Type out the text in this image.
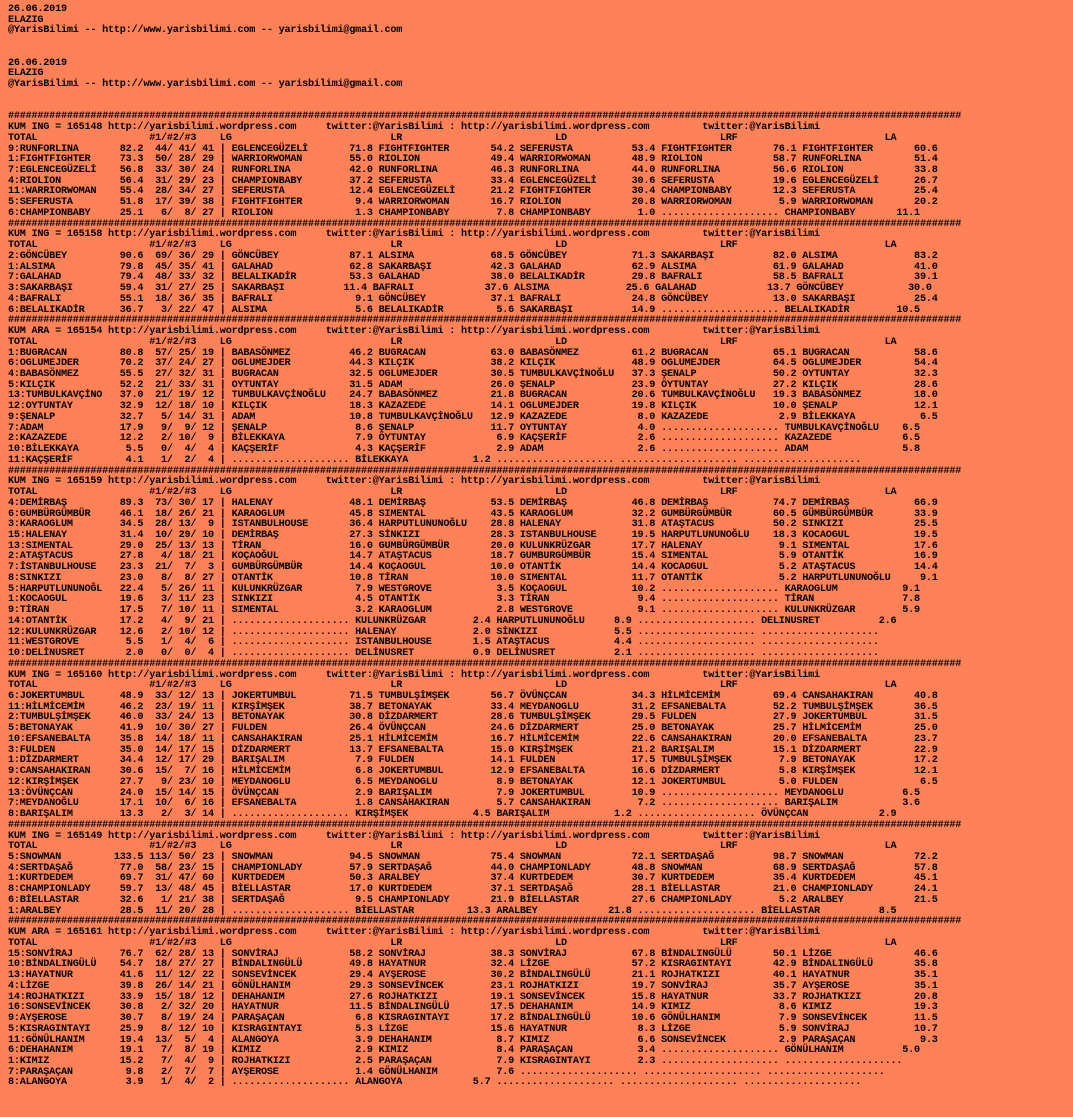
26.06.2019
ELAZIG
@YarisBilimi -- http://www.yarisbilimi.com -- yarisbilimi@gmail.com
26.06.2019
ELAZIG
@YarisBilimi -- http://www.yarisbilimi.com -- yarisbilimi@gmail.com
##################################################################################################################################################################
KUM ING = 165148 http://yarisbilimi.wordpress.com     twitter:@YarisBilimi : http://yarisbilimi.wordpress.com         twitter:@YarisBilimi
TOTAL                   #1/#2/#3    LG                           LR                          LD                          LRF                         LA
9:RUNFORLINA       82.2  44/ 41/ 41 | EGLENCEGÜZELİ       71.8 FIGHTFIGHTER       54.2 SEFERUSTA          53.4 FIGHTFIGHTER       76.1 FIGHTFIGHTER       60.6
1:FIGHTFIGHTER     73.3  50/ 28/ 29 | WARRIORWOMAN        55.0 RIOLION            49.4 WARRIORWOMAN       48.9 RIOLION            58.7 RUNFORLINA         51.4
7:EGLENCEGÜZELİ    56.8  33/ 30/ 24 | RUNFORLINA          42.0 RUNFORLINA         46.3 RUNFORLINA         44.0 RUNFORLINA         56.6 RIOLION            33.8
4:RIOLION          56.4  31/ 29/ 23 | CHAMPIONBABY        37.2 SEFERUSTA          33.4 EGLENCEGÜZELİ      30.6 SEFERUSTA          19.6 EGLENCEGÜZELİ      26.7
11:WARRIORWOMAN    55.4  28/ 34/ 27 | SEFERUSTA           12.4 EGLENCEGÜZELİ      21.2 FIGHTFIGHTER       30.4 CHAMPIONBABY       12.3 SEFERUSTA          25.4
5:SEFERUSTA        51.8  17/ 39/ 38 | FIGHTFIGHTER         9.4 WARRIORWOMAN       16.7 RIOLION            20.8 WARRIORWOMAN        5.9 WARRIORWOMAN       20.2
6:CHAMPIONBABY     25.1   6/  8/ 27 | RIOLION              1.3 CHAMPIONBABY        7.8 CHAMPIONBABY        1.0 .................... CHAMPIONBABY       11.1
##################################################################################################################################################################
KUM ING = 165158 http://yarisbilimi.wordpress.com     twitter:@YarisBilimi : http://yarisbilimi.wordpress.com         twitter:@YarisBilimi
TOTAL                   #1/#2/#3    LG                           LR                          LD                          LRF                         LA
2:GÖNCÜBEY         90.6  69/ 36/ 29 | GÖNCÜBEY            87.1 ALSIMA             68.5 GÖNCÜBEY           71.3 SAKARBAŞI          82.0 ALSIMA             83.2
1:ALSIMA           79.8  45/ 35/ 41 | GALAHAD             62.8 SAKARBAŞI          42.3 GALAHAD            62.9 ALSIMA             61.9 GALAHAD            41.0
7:GALAHAD          79.4  48/ 33/ 32 | BELALIKADİR         53.3 GALAHAD            38.0 BELALIKADİR        29.8 BAFRALI            58.5 BAFRALI            39.1
3:SAKARBAŞI        59.4  31/ 27/ 25 | SAKARBAŞI          11.4 BAFRALI            37.6 ALSIMA             25.6 GALAHAD            13.7 GÖNCÜBEY           30.0
4:BAFRALI          55.1  18/ 36/ 35 | BAFRALI              9.1 GÖNCÜBEY           37.1 BAFRALI            24.8 GÖNCÜBEY           13.0 SAKARBAŞI          25.4
6:BELALIKADİR      36.7   3/ 22/ 47 | ALSIMA               5.6 BELALIKADİR         5.6 SAKARBAŞI          14.9 .................... BELALIKADİR        10.5
##################################################################################################################################################################
KUM ARA = 165154 http://yarisbilimi.wordpress.com     twitter:@YarisBilimi : http://yarisbilimi.wordpress.com         twitter:@YarisBilimi
TOTAL                   #1/#2/#3    LG                           LR                          LD                          LRF                         LA
1:BUGRACAN         80.8  57/ 25/ 19 | BABASÖNMEZ          46.2 BUGRACAN           63.0 BABASÖNMEZ         61.2 BUGRACAN           65.1 BUGRACAN           58.6
6:OGLUMEJDER       70.2  37/ 24/ 27 | OGLUMEJDER          44.3 KILÇIK             38.2 KILÇIK             48.9 OGLUMEJDER         64.5 OGLUMEJDER         54.4
4:BABASÖNMEZ       55.5  27/ 32/ 31 | BUGRACAN            32.5 OGLUMEJDER         30.5 TUMBULKAVÇİNOĞLU   37.3 ŞENALP             50.2 OYTUNTAY           32.3
5:KILÇIK           52.2  21/ 33/ 31 | OYTUNTAY            31.5 ADAM               26.0 ŞENALP             23.9 ÖYTUNTAY           27.2 KILÇIK             28.6
13:TUMBULKAVÇİNO   37.0  21/ 19/ 12 | TUMBULKAVÇİNOĞLU    24.7 BABASÖNMEZ         21.8 BUGRACAN           20.6 TUMBULKAVÇİNOĞLU   19.3 BABASÖNMEZ         18.0
12:OYTUNTAY        32.9  12/ 18/ 10 | KILÇIK              18.3 KAZAZEDE           14.1 OGLUMEJDER         19.8 KILÇIK             10.0 ŞENALP             12.1
9:ŞENALP           32.7   5/ 14/ 31 | ADAM                10.8 TUMBULKAVÇİNOĞLU   12.9 KAZAZEDE            8.0 KAZAZEDE            2.9 BİLEKKAYA           6.5
7:ADAM             17.9   9/  9/ 12 | ŞENALP               8.6 ŞENALP             11.7 OYTUNTAY            4.0 .................... TUMBULKAVÇİNOĞLU    6.5
2:KAZAZEDE         12.2   2/ 10/  9 | BİLEKKAYA            7.9 ÖYTUNTAY            6.9 KAÇŞERİF            2.6 .................... KAZAZEDE            6.5
10:BİLEKKAYA        5.5   0/  4/  4 | KAÇŞERİF             4.3 KAÇŞERİF            2.9 ADAM                2.6 .................... ADAM                5.8
11:KAÇŞERİF         4.1   1/  2/  4 | .................... BİLEKKAYA           1.2 .................... .................... ....................
##################################################################################################################################################################
KUM ING = 165159 http://yarisbilimi.wordpress.com     twitter:@YarisBilimi : http://yarisbilimi.wordpress.com         twitter:@YarisBilimi
TOTAL                   #1/#2/#3    LG                           LR                          LD                          LRF                         LA
4:DEMİRBAŞ         89.3  73/ 30/ 17 | HALENAY             48.1 DEMİRBAŞ           53.5 DEMİRBAŞ           46.8 DEMİRBAŞ           74.7 DEMİRBAŞ           66.9
6:GUMBÜRGÜMBÜR     46.1  18/ 26/ 21 | KARAOGLUM           45.8 SIMENTAL           43.5 KARAOGLUM          32.2 GUMBÜRGÜMBÜR       60.5 GÜMBÜRGÜMBÜR       33.9
3:KARAOGLUM        34.5  28/ 13/  9 | ISTANBULHOUSE       36.4 HARPUTLUNUNOĞLU    28.8 HALENAY            31.8 ATAŞTACUS          50.2 SINKIZI            25.5
15:HALENAY         31.4  10/ 29/ 10 | DEMİRBAŞ            27.3 SİNKIZI            28.3 ISTANBULHOUSE      19.5 HARPUTLUNUNOĞLU    18.3 KOCAOGUL           19.5
13:SIMENTAL        29.0  25/ 13/ 13 | TİRAN               16.0 GUMBÜRGÜMBÜR       20.0 KULUNKRÜZGAR       17.7 HALENAY             9.1 SIMENTAL           17.6
2:ATAŞTACUS        27.8   4/ 18/ 21 | KOÇAOĞUL            14.7 ATAŞTACUS          18.7 GUMBURGÜMBÜR       15.4 SIMENTAL            5.9 OTANTİK            16.9
7:İSTANBULHOUSE    23.3  21/  7/  3 | GUMBÜRGÜMBÜR        14.4 KOÇAOGUL           10.0 OTANTİK            14.4 KOCAOGUL            5.2 ATAŞTACUS          14.4
8:SINKIZI          23.0   8/  8/ 27 | OTANTİK             10.8 TİRAN              10.0 SIMENTAL           11.7 OTANTİK             5.2 HARPUTLUNUNOĞLU     9.1
5:HARPUTLUNUNOĞL   22.4   5/ 26/ 11 | KULUNKRÜZGAR         7.9 WESTGROVE           3.5 KOÇAOGUL           10.2 .................... KARAOGLUM           9.1
1:KOCAOGUL         19.6   3/ 11/ 23 | SINKIZI              4.5 OTANTİK             3.3 TİRAN               9.4 .................... TİRAN               7.8
9:TİRAN            17.5   7/ 10/ 11 | SIMENTAL             3.2 KARAOGLUM           2.8 WESTGROVE           9.1 .................... KULUNKRÜZGAR        5.9
14:OTANTİK         17.2   4/  9/ 21 | .................... KULUNKRÜZGAR        2.4 HARPUTLUNUNOĞLU     8.9 .................... DELINUSRET          2.6
12:KULUNKRÜZGAR    12.6   2/ 10/ 12 | .................... HALENAY             2.0 SİNKIZI             5.5 .................... ....................
11:WESTGROVE        5.5   1/  4/  6 | .................... ISTANBULHOUSE       1.5 ATAŞTACUS           4.4 .................... ....................
10:DELİNUSRET       2.0   0/  0/  4 | .................... DELİNUSRET          0.9 DELİNUSRET          2.1 .................... ....................
##################################################################################################################################################################
KUM ING = 165160 http://yarisbilimi.wordpress.com     twitter:@YarisBilimi : http://yarisbilimi.wordpress.com         twitter:@YarisBilimi
TOTAL                   #1/#2/#3    LG                           LR                          LD                          LRF                         LA
6:JOKERTUMBUL      48.9  33/ 12/ 13 | JOKERTUMBUL         71.5 TUMBULŞİMŞEK       56.7 ÖVÜNÇCAN           34.3 HİLMİCEMİM         69.4 CANSAHAKIRAN       40.8
11:HİLMİCEMİM      46.2  23/ 19/ 11 | KIRŞİMŞEK           38.7 BETONAYAK          33.4 MEYDANOGLU         31.2 EFSANEBALTA        52.2 TUMBULŞİMŞEK       36.5
2:TUMBULŞİMŞEK     46.0  33/ 24/ 13 | BETONAYAK           30.8 DİZDARMERT         28.6 TUMBULŞİMŞEK       29.5 FULDEN             27.9 JOKERTUMBUL        31.5
5:BETONAYAK        41.9  10/ 30/ 27 | FULDEN              26.4 ÖVÜNÇCAN           24.6 DİZDARMERT         25.0 BETONAYAK          25.7 HİLMİCEMİM         25.0
10:EFSANEBALTA     35.8  14/ 18/ 11 | CANSAHAKIRAN        25.1 HİLMİCEMİM         16.7 HİLMİCEMİM         22.6 CANSAHAKIRAN       20.0 EFSANEBALTA        23.7
3:FULDEN           35.0  14/ 17/ 15 | DİZDARMERT          13.7 EFSANEBALTA        15.0 KIRŞİMŞEK          21.2 BARIŞALIM          15.1 DİZDARMERT         22.9
1:DİZDARMERT       34.4  12/ 17/ 29 | BARIŞALIM            7.9 FULDEN             14.1 FULDEN             17.5 TUMBULŞİMŞEK        7.9 BETONAYAK          17.2
9:CANSAHAKIRAN     30.6  15/  7/ 16 | HİLMİCEMİM           6.8 JOKERTUMBUL        12.9 EFSANEBALTA        16.6 DİZDARMERT          5.8 KIRŞİMŞEK          12.1
12:KIRŞİMŞEK       27.7   9/ 23/ 10 | MEYDANOGLU           6.5 MEYDANOGLU          8.9 BETONAYAK          12.1 JOKERTUMBUL         5.0 FULDEN              6.5
13:ÖVÜNÇCAN        24.0  15/ 14/ 15 | ÖVÜNÇCAN             2.9 BARIŞALIM           7.9 JOKERTUMBUL        10.9 .................... MEYDANOGLU          6.5
7:MEYDANOĞLU       17.1  10/  6/ 16 | EFSANEBALTA          1.8 CANSAHAKIRAN        5.7 CANSAHAKIRAN        7.2 .................... BARIŞALIM           3.6
8:BARIŞALIM        13.3   2/  3/ 14 | .................... KIRŞİMŞEK           4.5 BARIŞALIM           1.2 .................... ÖVÜNÇCAN            2.9
##################################################################################################################################################################
KUM ING = 165149 http://yarisbilimi.wordpress.com     twitter:@YarisBilimi : http://yarisbilimi.wordpress.com         twitter:@YarisBilimi
TOTAL                   #1/#2/#3    LG                           LR                          LD                          LRF                         LA
5:SNOWMAN         133.5 113/ 50/ 23 | SNOWMAN             94.5 SNOWMAN            75.4 SNOWMAN            72.1 SERTDAŞAĞ          98.7 SNOWMAN            72.2
4:SERTDAŞAĞ        77.0  58/ 23/ 15 | CHAMPIONLADY        57.9 SERTDAŞAĞ          44.0 CHAMPIONLADY       48.8 SNOWMAN            68.9 SERTDAŞAĞ          57.8
1:KURTDEDEM        69.7  31/ 47/ 60 | KURTDEDEM           50.3 ARALBEY            37.4 KURTDEDEM          30.7 KURTDEDEM          35.4 KURTDEDEM          45.1
8:CHAMPIONLADY     59.7  13/ 48/ 45 | BİELLASTAR          17.0 KURTDEDEM          37.1 SERTDAŞAĞ          28.1 BİELLASTAR         21.0 CHAMPIONLADY       24.1
6:BİELLASTAR       32.6   1/ 21/ 38 | SERTDAŞAĞ            9.5 CHAMPIONLADY       21.9 BİELLASTAR         27.6 CHAMPIONLADY        5.2 ARALBEY            21.5
1:ARALBEY          28.5  11/ 20/ 28 | .................... BİELLASTAR         13.3 ARALBEY            21.8 .................... BİELLASTAR          8.5
##################################################################################################################################################################
KUM ARA = 165161 http://yarisbilimi.wordpress.com     twitter:@YarisBilimi : http://yarisbilimi.wordpress.com         twitter:@YarisBilimi
TOTAL                   #1/#2/#3    LG                           LR                          LD                          LRF                         LA
15:SONVİRAJ        76.7  62/ 28/ 13 | SONVİRAJ            58.2 SONVİRAJ           38.3 SONVİRAJ           67.8 BİNDALINGÜLÜ       50.1 LİZGE              46.6
10:BİNDALINGÜLÜ    54.7  18/ 27/ 27 | BİNDALINGÜLÜ        49.8 HAYATNUR           32.4 LİZGE              57.2 KISRAGINTAYI       42.9 BİNDALINGÜLÜ       35.8
13:HAYATNUR        41.6  11/ 12/ 22 | SONSEVİNCEK         29.4 AYŞEROSE           30.2 BİNDALINGÜLÜ       21.1 ROJHATKIZI         40.1 HAYATNUR           35.1
4:LİZGE            39.8  26/ 14/ 21 | GÖNÜLHANIM          29.3 SONSEVİNCEK        23.1 ROJHATKIZI         19.7 SONVİRAJ           35.7 AYŞEROSE           35.1
14:ROJHATKIZI      33.9  15/ 18/ 12 | DEHAHANIM           27.6 ROJHATKIZI         19.1 SONSEVİNCEK        15.8 HAYATNUR           33.7 ROJHATKIZI         20.8
16:SONSEVİNCEK     30.8   2/ 32/ 20 | HAYATNUR            11.5 BİNDALINGÜLÜ       17.5 DEHAHANIM          14.9 KIMIZ               8.6 KIMIZ              19.3
9:AYŞEROSE         30.7   8/ 19/ 24 | PARAŞAÇAN            6.8 KISRAGINTAYI       17.2 BİNDALINGÜLÜ       10.6 GÖNÜLHANIM          7.9 SONSEVİNCEK        11.5
5:KISRAGINTAYI     25.9   8/ 12/ 10 | KISRAGINTAYI         5.3 LİZGE              15.6 HAYATNUR            8.3 LİZGE               5.9 SONVİRAJ           10.7
11:GÖNÜLHANIM      19.4  13/  5/  4 | ALANGOYA             3.9 DEHAHANIM           8.7 KIMIZ               6.6 SONSEVİNCEK         2.9 PARAŞAÇAN           9.3
6:DEHAHANIM        19.1   7/  8/ 19 | KIMIZ                2.9 KIMIZ               8.4 PARAŞAÇAN           3.4 .................... GÖNÜLHANIM          5.0
1:KIMIZ            15.2   7/  4/  9 | ROJHATKIZI           2.5 PARAŞAÇAN           7.9 KISRAGINTAYI        2.3 .................... ....................
7:PARAŞAÇAN         9.8   2/  7/  7 | AYŞEROSE             1.4 GÖNÜLHANIM          7.6 .................... .................... ....................
8:ALANGOYA          3.9   1/  4/  2 | .................... ALANGOYA            5.7 .................... .................... ....................
